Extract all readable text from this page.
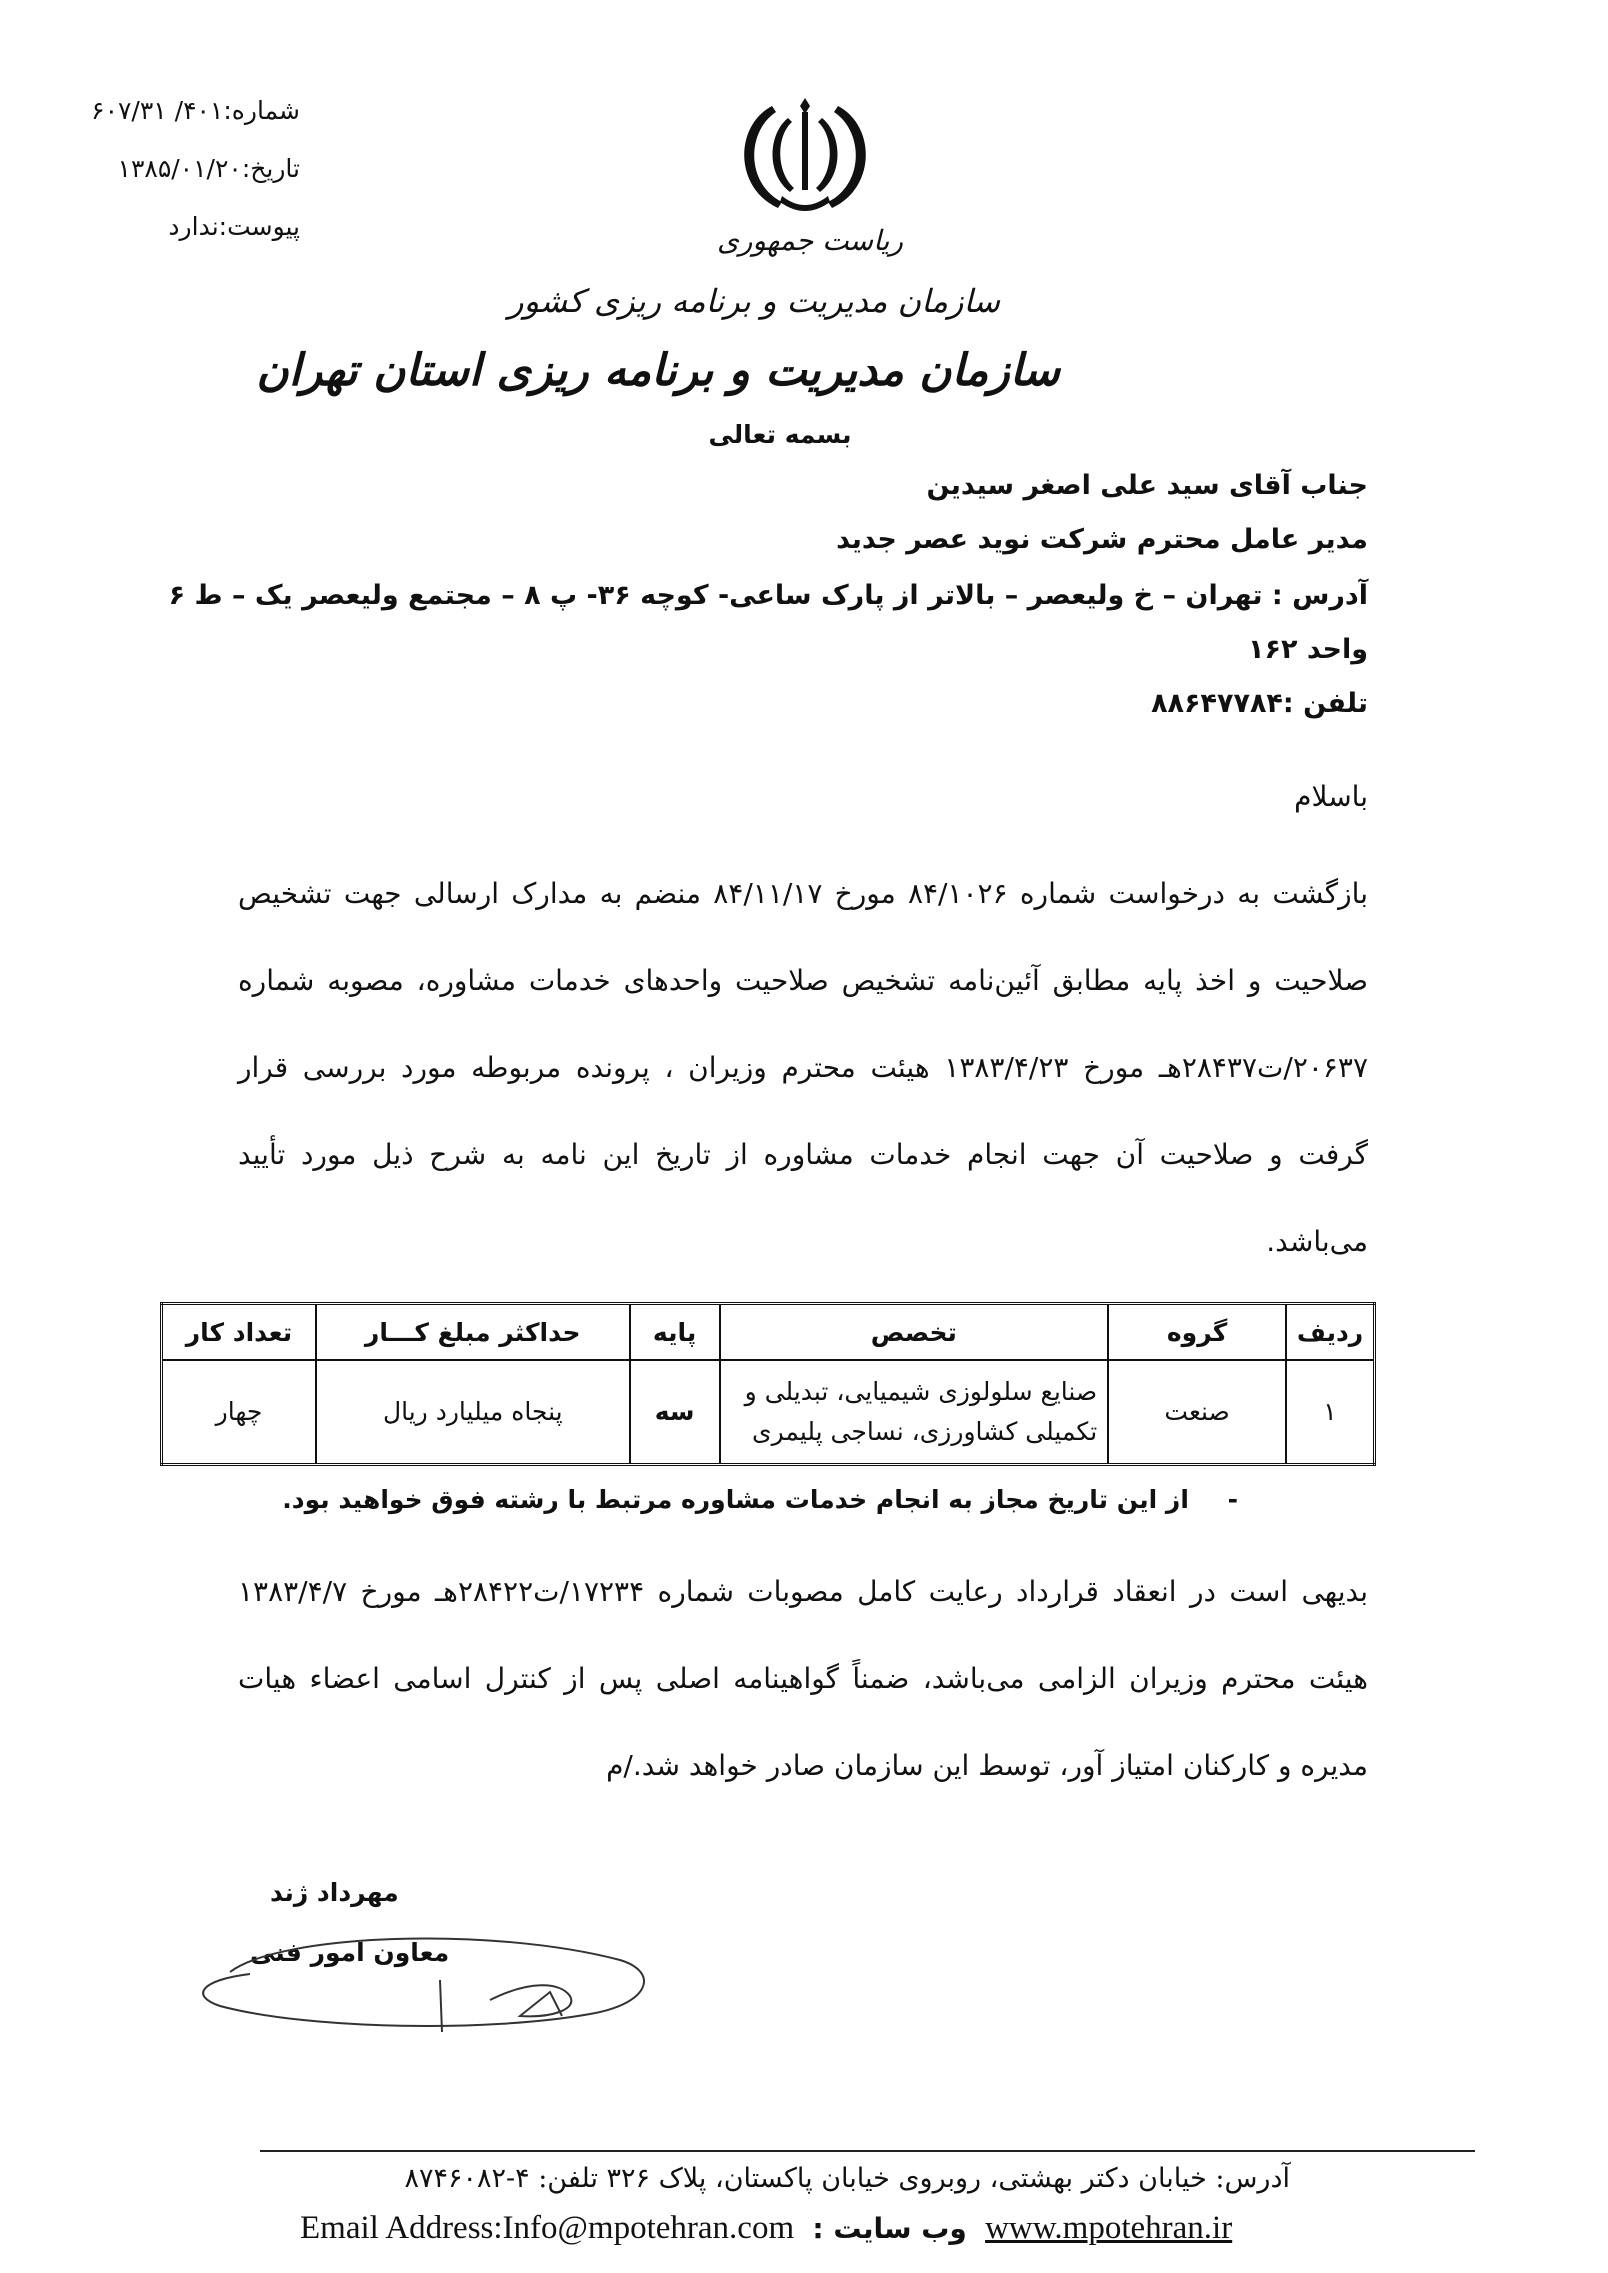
شماره:۴۰۱/ ۶۰۷/۳۱
تاریخ:۱۳۸۵/۰۱/۲۰
پیوست:ندارد	ریاست جمهوری
سازمان مدیریت و برنامه ریزی کشور
سازمان مدیریت و برنامه ریزی استان تهران
بسمه تعالی
جناب آقای سید علی اصغر سیدین
مدیر عامل محترم شرکت نوید عصر جدید
آدرس : تهران – خ ولیعصر – بالاتر از پارک ساعی- کوچه ۳۶- پ ۸ – مجتمع ولیعصر یک – ط ۶
واحد ۱۶۲
تلفن :۸۸۶۴۷۷۸۴
باسلام
بازگشت به درخواست شماره ۸۴/۱۰۲۶ مورخ ۸۴/۱۱/۱۷ منضم به مدارک ارسالی جهت تشخیص صلاحیت و اخذ پایه مطابق آئین‌نامه تشخیص صلاحیت واحدهای خدمات مشاوره، مصوبه شماره ۲۰۶۳۷/ت۲۸۴۳۷هـ مورخ ۱۳۸۳/۴/۲۳ هیئت محترم وزیران ، پرونده مربوطه مورد بررسی قرار گرفت و صلاحیت آن جهت انجام خدمات مشاوره از تاریخ این نامه به شرح ذیل مورد تأیید می‌باشد.
ردیف	گروه	تخصص	پایه	حداکثر مبلغ کـــار	تعداد کار
۱	صنعت	صنایع سلولوزی شیمیایی، تبدیلی و
تکمیلی کشاورزی، نساجی پلیمری	سه	پنجاه میلیارد ریال	چهار
- از این تاریخ مجاز به انجام خدمات مشاوره مرتبط با رشته فوق خواهید بود.
بدیهی است در انعقاد قرارداد رعایت کامل مصوبات شماره ۱۷۲۳۴/ت۲۸۴۲۲هـ مورخ ۱۳۸۳/۴/۷ هیئت محترم وزیران الزامی می‌باشد، ضمناً گواهینامه اصلی پس از کنترل اسامی اعضاء هیات مدیره و کارکنان امتیاز آور، توسط این سازمان صادر خواهد شد./م
مهرداد ژند
معاون امور فنی
آدرس: خیابان دکتر بهشتی، روبروی خیابان پاکستان، پلاک ۳۲۶ تلفن: ۴-۸۷۴۶۰۸۲
Email Address:Info@mpotehran.com وب سایت : www.mpotehran.ir
